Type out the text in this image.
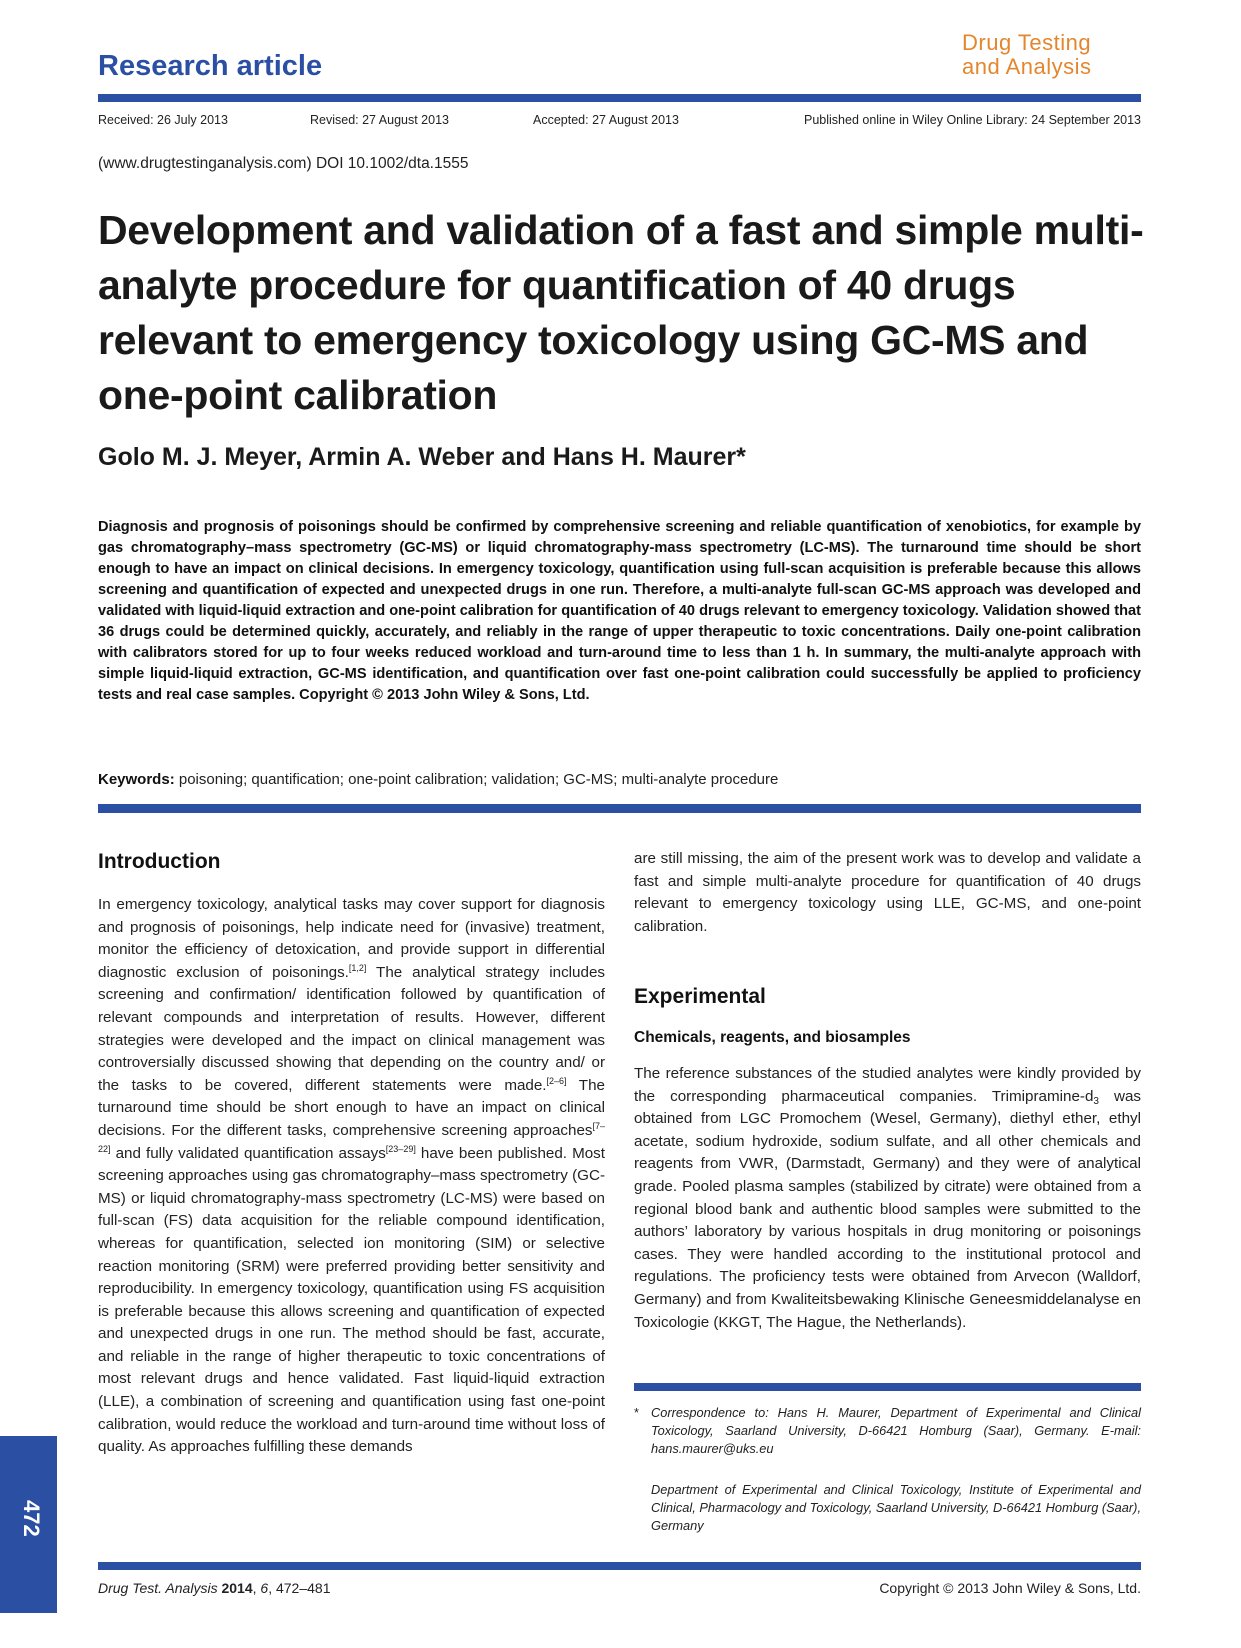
Research article
Drug Testing
and Analysis
Received: 26 July 2013	Revised: 27 August 2013	Accepted: 27 August 2013	Published online in Wiley Online Library: 24 September 2013
(www.drugtestinganalysis.com) DOI 10.1002/dta.1555
Development and validation of a fast and simple multi-analyte procedure for quantification of 40 drugs relevant to emergency toxicology using GC-MS and one-point calibration
Golo M. J. Meyer, Armin A. Weber and Hans H. Maurer*
Diagnosis and prognosis of poisonings should be confirmed by comprehensive screening and reliable quantification of xenobiotics, for example by gas chromatography–mass spectrometry (GC-MS) or liquid chromatography-mass spectrometry (LC-MS). The turnaround time should be short enough to have an impact on clinical decisions. In emergency toxicology, quantification using full-scan acquisition is preferable because this allows screening and quantification of expected and unexpected drugs in one run. Therefore, a multi-analyte full-scan GC-MS approach was developed and validated with liquid-liquid extraction and one-point calibration for quantification of 40 drugs relevant to emergency toxicology. Validation showed that 36 drugs could be determined quickly, accurately, and reliably in the range of upper therapeutic to toxic concentrations. Daily one-point calibration with calibrators stored for up to four weeks reduced workload and turn-around time to less than 1 h. In summary, the multi-analyte approach with simple liquid-liquid extraction, GC-MS identification, and quantification over fast one-point calibration could successfully be applied to proficiency tests and real case samples. Copyright © 2013 John Wiley & Sons, Ltd.
Keywords: poisoning; quantification; one-point calibration; validation; GC-MS; multi-analyte procedure
Introduction
In emergency toxicology, analytical tasks may cover support for diagnosis and prognosis of poisonings, help indicate need for (invasive) treatment, monitor the efficiency of detoxication, and provide support in differential diagnostic exclusion of poisonings.[1,2] The analytical strategy includes screening and confirmation/ identification followed by quantification of relevant compounds and interpretation of results. However, different strategies were developed and the impact on clinical management was controversially discussed showing that depending on the country and/ or the tasks to be covered, different statements were made.[2–6] The turnaround time should be short enough to have an impact on clinical decisions. For the different tasks, comprehensive screening approaches[7–22] and fully validated quantification assays[23–29] have been published. Most screening approaches using gas chromatography–mass spectrometry (GC-MS) or liquid chromatography-mass spectrometry (LC-MS) were based on full-scan (FS) data acquisition for the reliable compound identification, whereas for quantification, selected ion monitoring (SIM) or selective reaction monitoring (SRM) were preferred providing better sensitivity and reproducibility. In emergency toxicology, quantification using FS acquisition is preferable because this allows screening and quantification of expected and unexpected drugs in one run. The method should be fast, accurate, and reliable in the range of higher therapeutic to toxic concentrations of most relevant drugs and hence validated. Fast liquid-liquid extraction (LLE), a combination of screening and quantification using fast one-point calibration, would reduce the workload and turn-around time without loss of quality. As approaches fulfilling these demands
are still missing, the aim of the present work was to develop and validate a fast and simple multi-analyte procedure for quantification of 40 drugs relevant to emergency toxicology using LLE, GC-MS, and one-point calibration.
Experimental
Chemicals, reagents, and biosamples
The reference substances of the studied analytes were kindly provided by the corresponding pharmaceutical companies. Trimipramine-$d_3$ was obtained from LGC Promochem (Wesel, Germany), diethyl ether, ethyl acetate, sodium hydroxide, sodium sulfate, and all other chemicals and reagents from VWR, (Darmstadt, Germany) and they were of analytical grade. Pooled plasma samples (stabilized by citrate) were obtained from a regional blood bank and authentic blood samples were submitted to the authors’ laboratory by various hospitals in drug monitoring or poisonings cases. They were handled according to the institutional protocol and regulations. The proficiency tests were obtained from Arvecon (Walldorf, Germany) and from Kwaliteitsbewaking Klinische Geneesmiddelanalyse en Toxicologie (KKGT, The Hague, the Netherlands).
* Correspondence to: Hans H. Maurer, Department of Experimental and Clinical Toxicology, Saarland University, D-66421 Homburg (Saar), Germany. E-mail: hans.maurer@uks.eu
Department of Experimental and Clinical Toxicology, Institute of Experimental and Clinical, Pharmacology and Toxicology, Saarland University, D-66421 Homburg (Saar), Germany
472
Drug Test. Analysis 2014, 6, 472–481	Copyright © 2013 John Wiley & Sons, Ltd.
